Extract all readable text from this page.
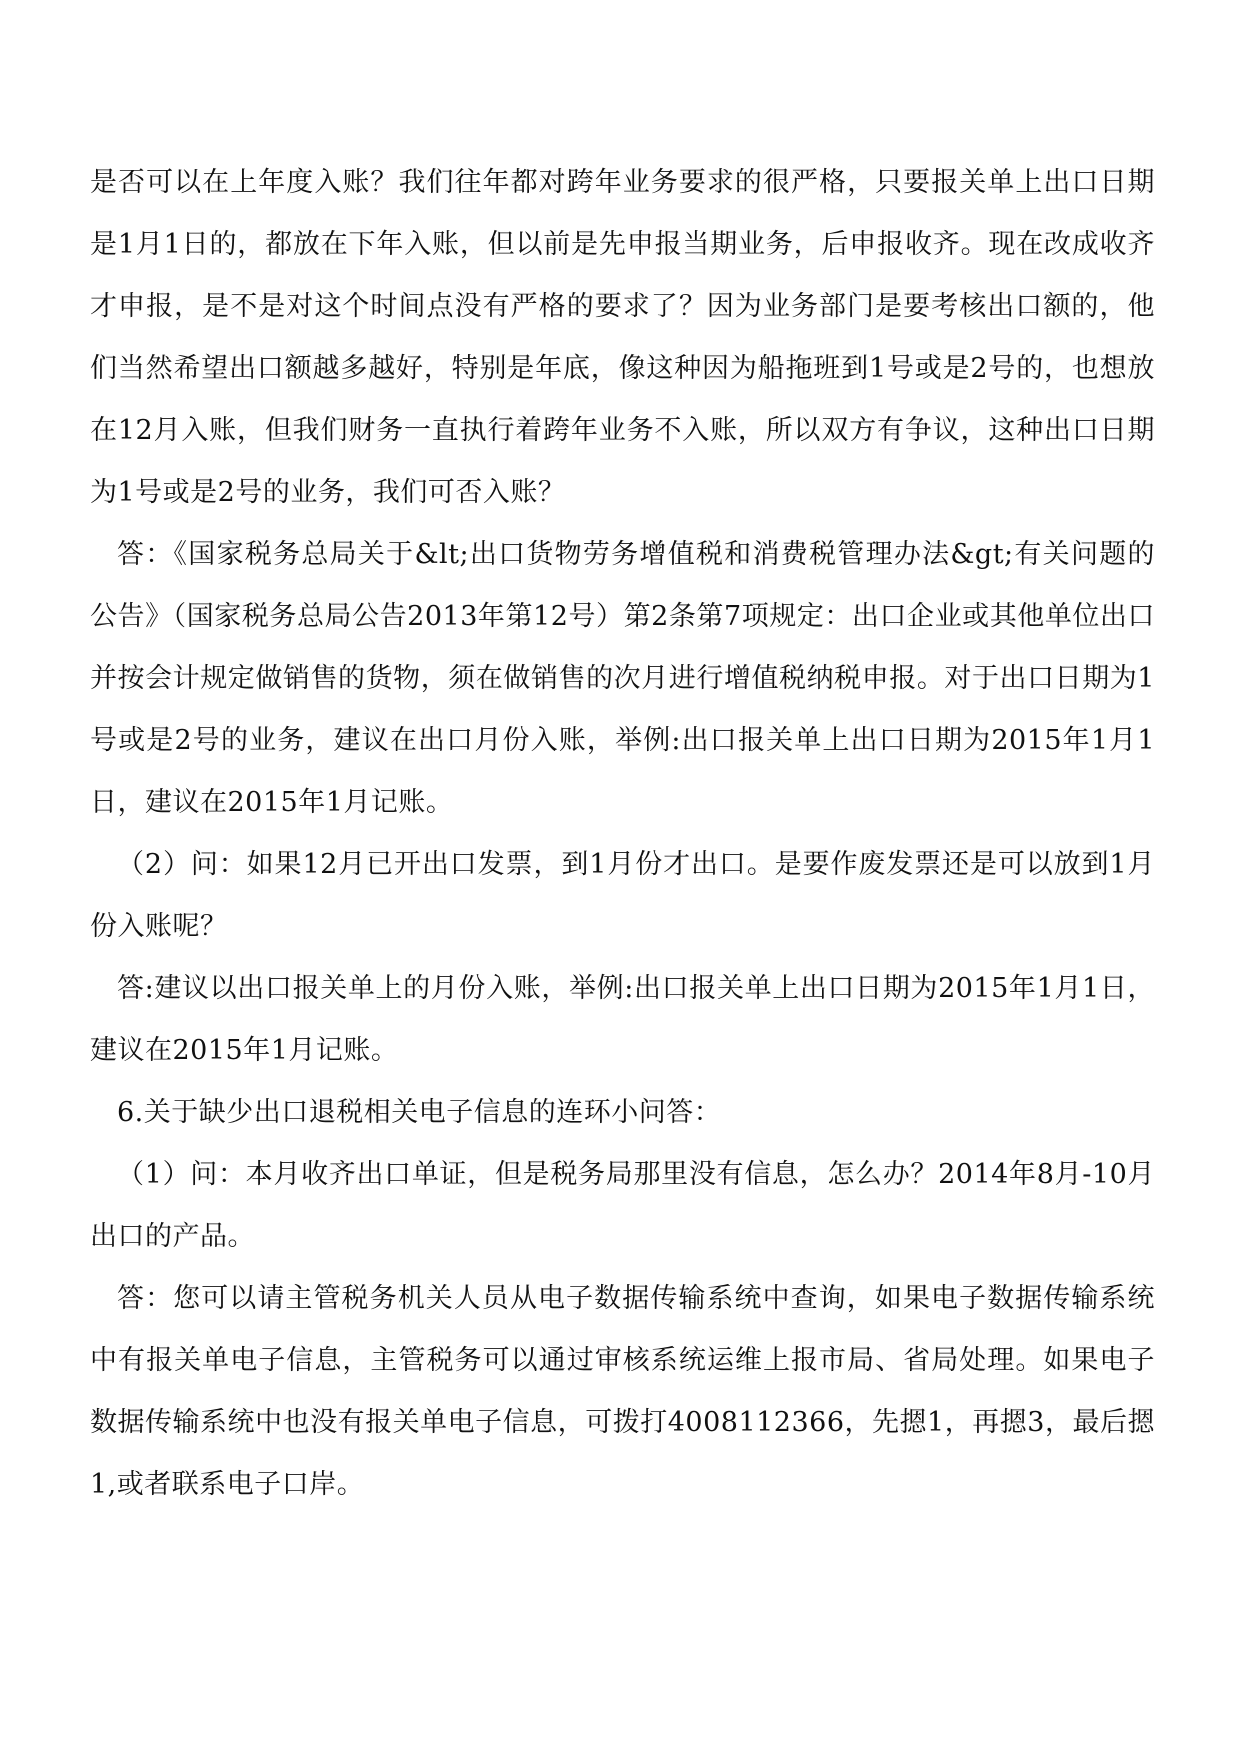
是否可以在上年度入账？我们往年都对跨年业务要求的很严格，只要报关单上出口日期是1月1日的，都放在下年入账，但以前是先申报当期业务，后申报收齐。现在改成收齐才申报，是不是对这个时间点没有严格的要求了？因为业务部门是要考核出口额的，他们当然希望出口额越多越好，特别是年底，像这种因为船拖班到1号或是2号的，也想放在12月入账，但我们财务一直执行着跨年业务不入账，所以双方有争议，这种出口日期为1号或是2号的业务，我们可否入账？

答：《国家税务总局关于&lt;出口货物劳务增值税和消费税管理办法&gt;有关问题的公告》（国家税务总局公告2013年第12号）第2条第7项规定：出口企业或其他单位出口并按会计规定做销售的货物，须在做销售的次月进行增值税纳税申报。对于出口日期为1号或是2号的业务，建议在出口月份入账，举例:出口报关单上出口日期为2015年1月1日，建议在2015年1月记账。

（2）问：如果12月已开出口发票，到1月份才出口。是要作废发票还是可以放到1月份入账呢？

答:建议以出口报关单上的月份入账，举例:出口报关单上出口日期为2015年1月1日，建议在2015年1月记账。

6.关于缺少出口退税相关电子信息的连环小问答：

（1）问：本月收齐出口单证，但是税务局那里没有信息，怎么办？2014年8月-10月出口的产品。

答：您可以请主管税务机关人员从电子数据传输系统中查询，如果电子数据传输系统中有报关单电子信息，主管税务可以通过审核系统运维上报市局、省局处理。如果电子数据传输系统中也没有报关单电子信息，可拨打4008112366，先摁1，再摁3，最后摁1,或者联系电子口岸。
